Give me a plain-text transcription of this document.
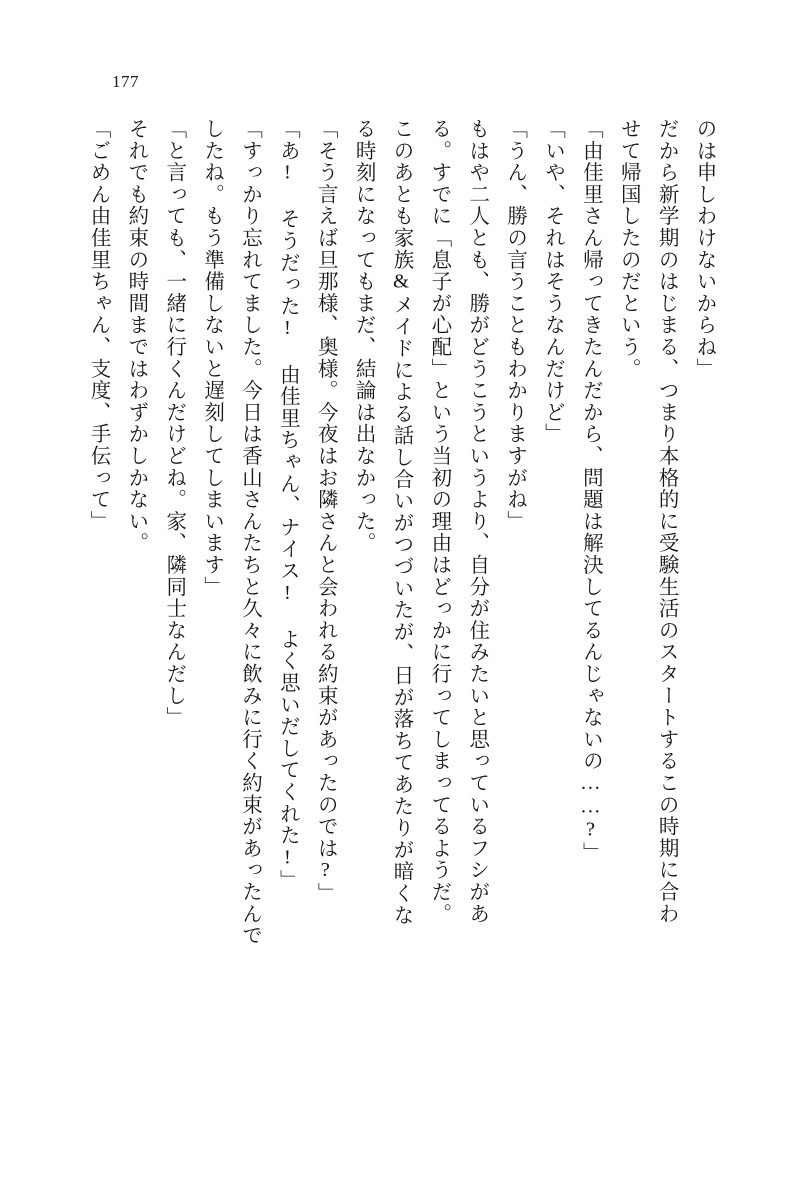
177
のは申しわけないからね」
だから新学期のはじまる、つまり本格的に受験生活のスタートするこの時期に合わ
せて帰国したのだという。
「由佳里さん帰ってきたんだから、問題は解決してるんじゃないの……?」
「いや、それはそうなんだけど」
「うん、勝の言うこともわかりますがね」
もはや二人とも、勝がどうこうというより、自分が住みたいと思っているフシがあ
る。すでに「息子が心配」という当初の理由はどっかに行ってしまってるようだ。
このあとも家族&メイドによる話し合いがつづいたが、日が落ちてあたりが暗くな
る時刻になってもまだ、結論は出なかった。
「そう言えば旦那様、奥様。今夜はお隣さんと会われる約束があったのでは?」
「あ! そうだった! 由佳里ちゃん、ナイス! よく思いだしてくれた!」
「すっかり忘れてました。今日は香山さんたちと久々に飲みに行く約束があったんで
したね。もう準備しないと遅刻してしまいます」
「と言っても、一緒に行くんだけどね。家、隣同士なんだし」
それでも約束の時間まではわずかしかない。
「ごめん由佳里ちゃん、支度、手伝って」
